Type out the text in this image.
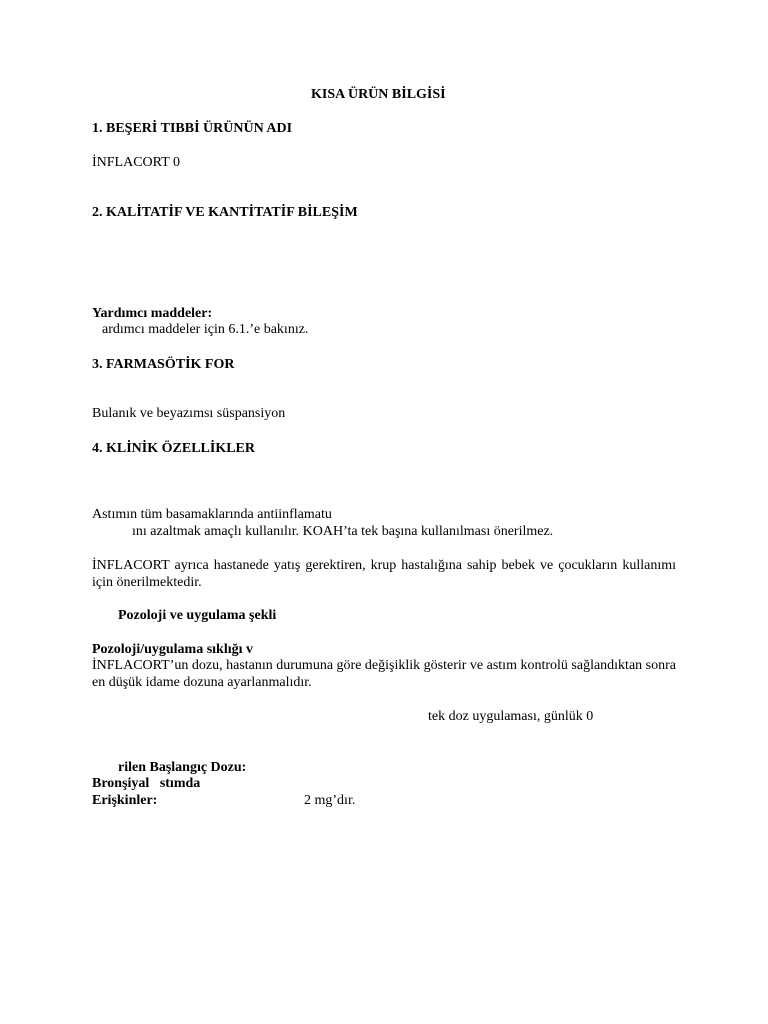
KISA ÜRÜN BİLGİSİ

1. BEŞERİ TIBBİ ÜRÜNÜN ADI

İNFLACORT 0

2. KALİTATİF VE KANTİTATİF BİLEŞİM

Yardımcı maddeler:

ardımcı maddeler için 6.1.’e bakınız.

3. FARMASÖTİK FOR

Bulanık ve beyazımsı süspansiyon

4. KLİNİK ÖZELLİKLER

Astımın tüm basamaklarında antiinflamatu

ını azaltmak amaçlı kullanılır. KOAH’ta tek başına kullanılması önerilmez.

İNFLACORT ayrıca hastanede yatış gerektiren, krup hastalığına sahip bebek ve çocukların kullanımı için önerilmektedir.

Pozoloji ve uygulama şekli

Pozoloji/uygulama sıklığı v

İNFLACORT’un dozu, hastanın durumuna göre değişiklik gösterir ve astım kontrolü sağlandıktan sonra en düşük idame dozuna ayarlanmalıdır.

tek doz uygulaması, günlük 0

rilen Başlangıç Dozu:

Bronşiyal   stımda

Erişkinler:	2 mg’dır.
